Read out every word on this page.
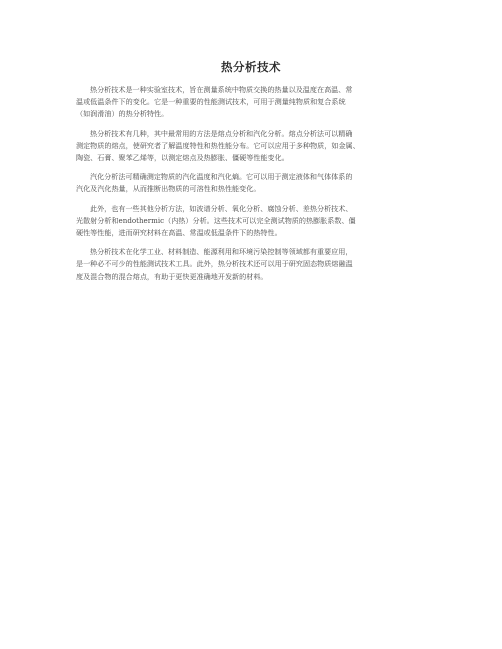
热分析技术

热分析技术是一种实验室技术，旨在测量系统中物质交换的热量以及温度在高温、常
温或低温条件下的变化。它是一种重要的性能测试技术，可用于测量纯物质和复合系统
（如润滑油）的热分析特性。

热分析技术有几种，其中最常用的方法是熔点分析和汽化分析。熔点分析法可以精确
测定物质的熔点，使研究者了解温度特性和热性能分布。它可以应用于多种物质，如金属、
陶瓷、石膏、聚苯乙烯等，以测定熔点及热膨胀、僵硬等性能变化。

汽化分析法可精确测定物质的汽化温度和汽化熵。它可以用于测定液体和气体体系的
汽化及汽化热量，从而推断出物质的可溶性和热性能变化。

此外，也有一些其他分析方法，如波谱分析、氧化分析、腐蚀分析、差热分析技术、
光散射分析和endothermic（内热）分析。这些技术可以完全测试物质的热膨胀系数、僵
硬性等性能，进而研究材料在高温、常温或低温条件下的热特性。

热分析技术在化学工业、材料制造、能源利用和环境污染控制等领域都有重要应用，
是一种必不可少的性能测试技术工具。此外，热分析技术还可以用于研究固态物质熔融温
度及混合物的混合熔点，有助于更快更准确地开发新的材料。
